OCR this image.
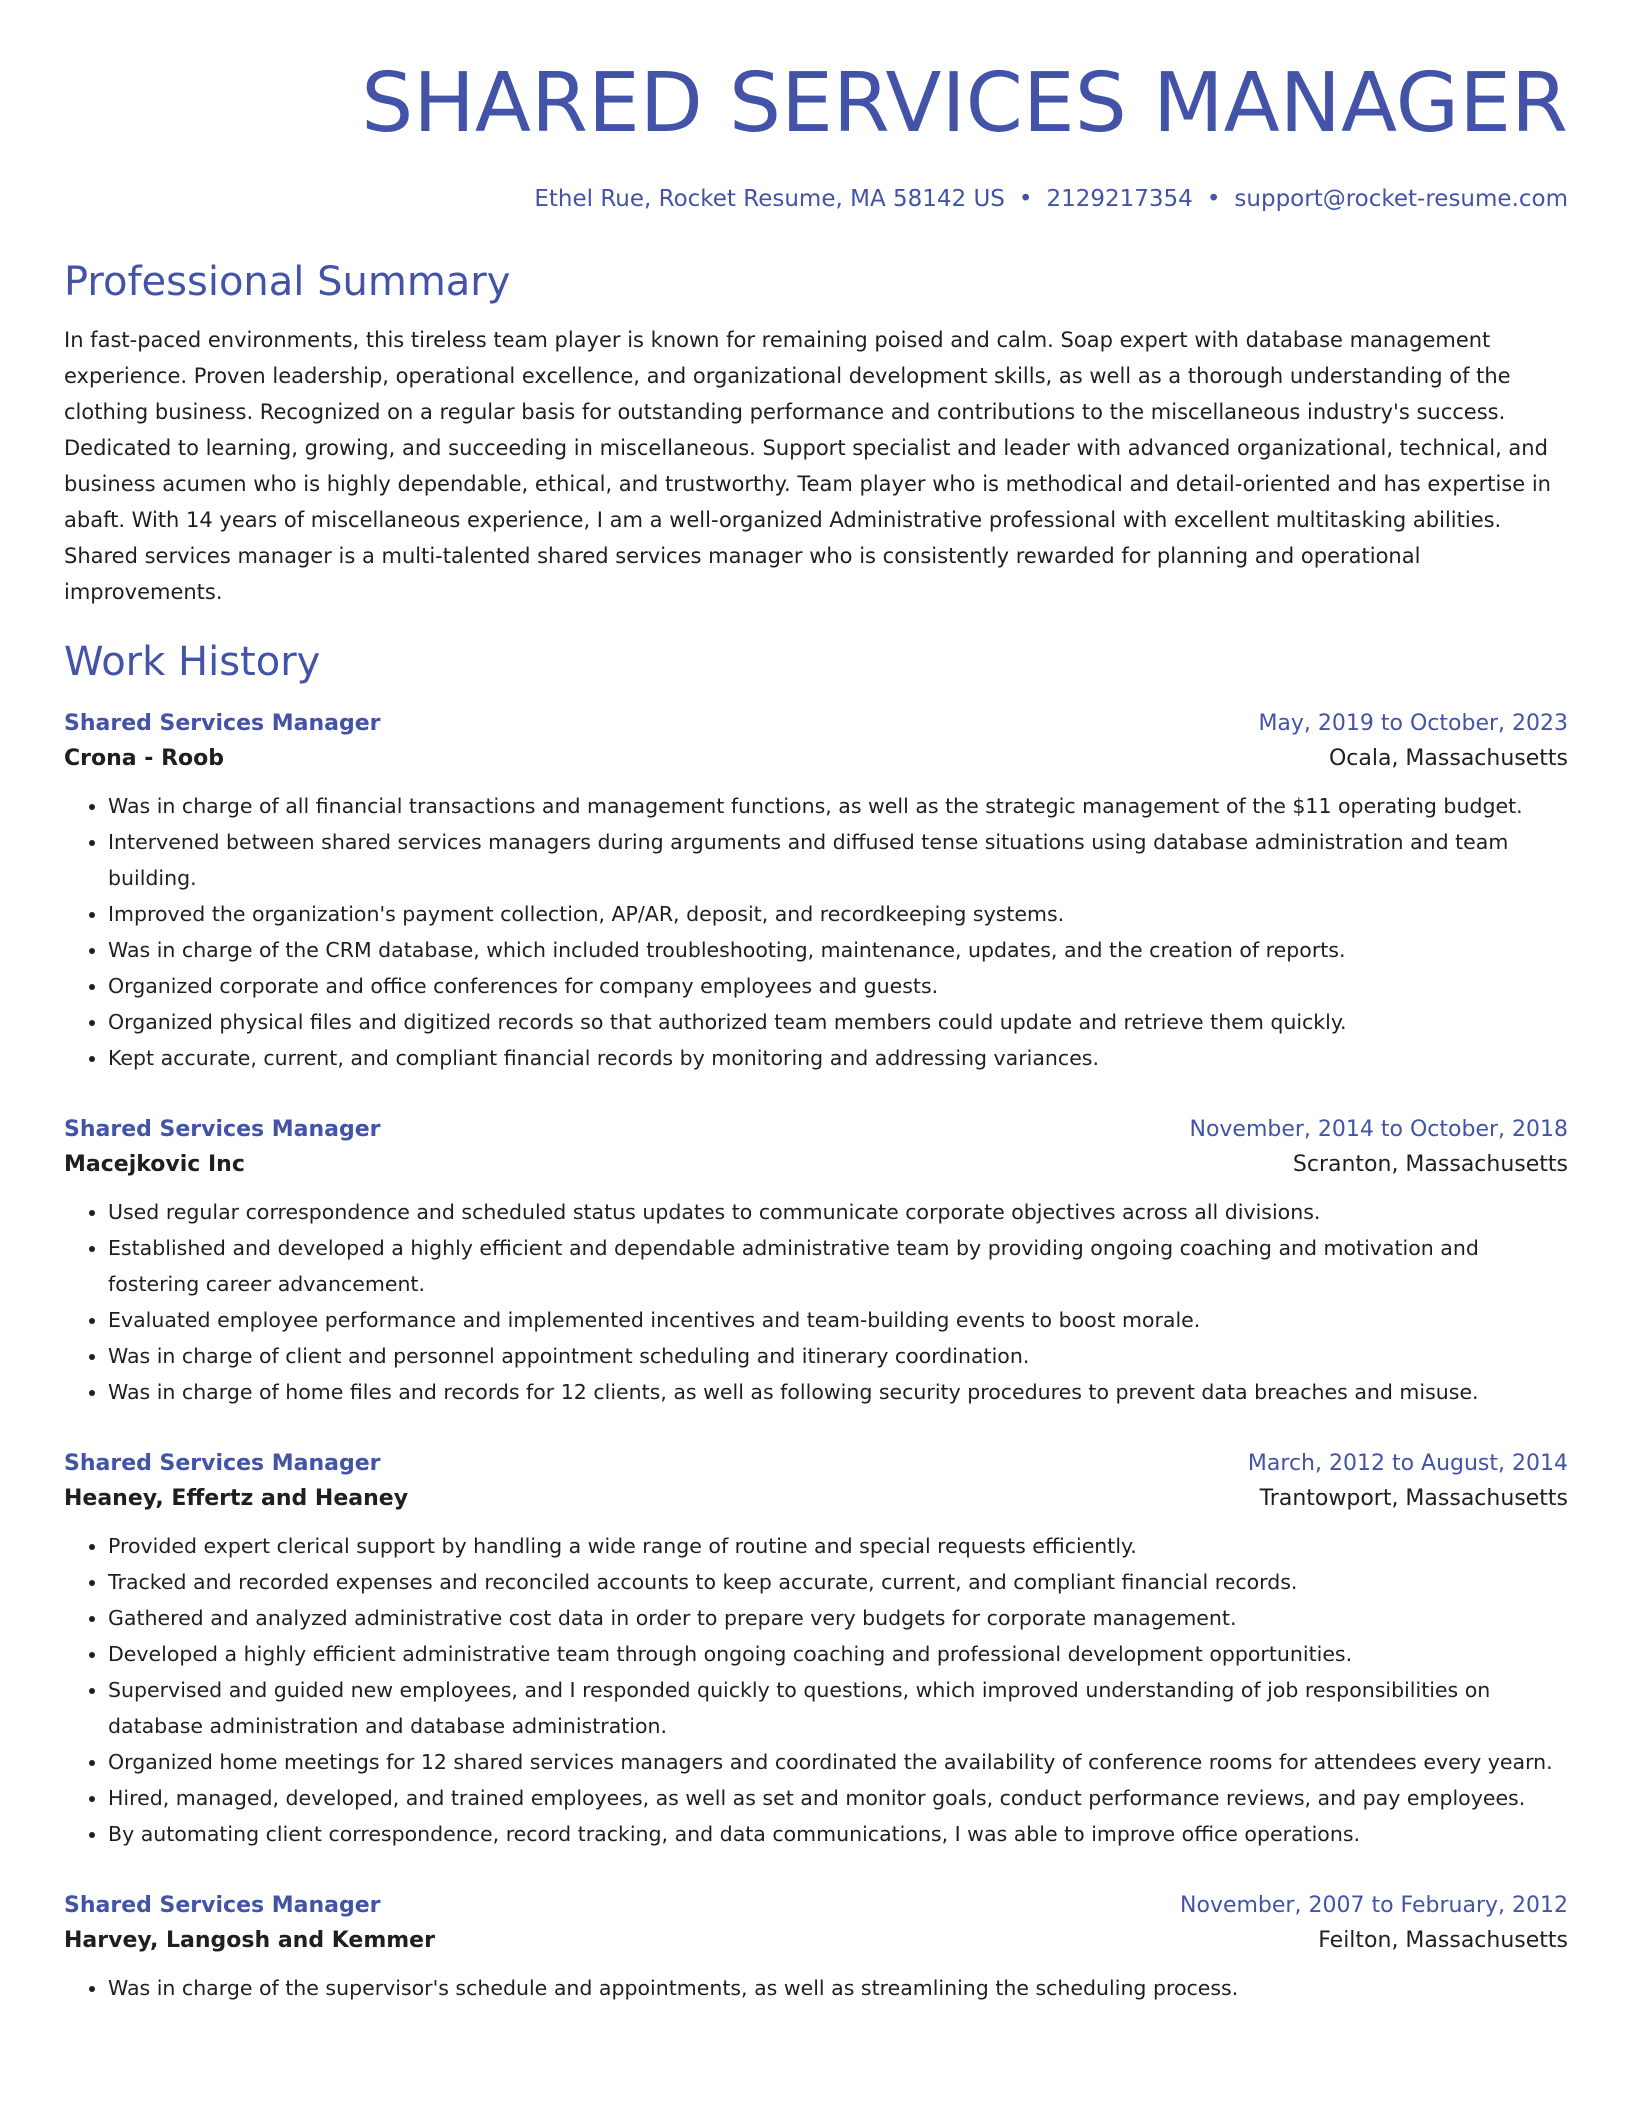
SHARED SERVICES MANAGER
Ethel Rue, Rocket Resume, MA 58142 US • 2129217354 • support@rocket-resume.com
Professional Summary

In fast-paced environments, this tireless team player is known for remaining poised and calm. Soap expert with database management experience. Proven leadership, operational excellence, and organizational development skills, as well as a thorough understanding of the clothing business. Recognized on a regular basis for outstanding performance and contributions to the miscellaneous industry's success. Dedicated to learning, growing, and succeeding in miscellaneous. Support specialist and leader with advanced organizational, technical, and business acumen who is highly dependable, ethical, and trustworthy. Team player who is methodical and detail-oriented and has expertise in abaft. With 14 years of miscellaneous experience, I am a well-organized Administrative professional with excellent multitasking abilities. Shared services manager is a multi-talented shared services manager who is consistently rewarded for planning and operational improvements.

Work History
Shared Services Manager	May, 2019 to October, 2023
Crona - Roob	Ocala, Massachusetts
• Was in charge of all financial transactions and management functions, as well as the strategic management of the $11 operating budget.
• Intervened between shared services managers during arguments and diffused tense situations using database administration and team building.
• Improved the organization's payment collection, AP/AR, deposit, and recordkeeping systems.
• Was in charge of the CRM database, which included troubleshooting, maintenance, updates, and the creation of reports.
• Organized corporate and office conferences for company employees and guests.
• Organized physical files and digitized records so that authorized team members could update and retrieve them quickly.
• Kept accurate, current, and compliant financial records by monitoring and addressing variances.
Shared Services Manager	November, 2014 to October, 2018
Macejkovic Inc	Scranton, Massachusetts
• Used regular correspondence and scheduled status updates to communicate corporate objectives across all divisions.
• Established and developed a highly efficient and dependable administrative team by providing ongoing coaching and motivation and fostering career advancement.
• Evaluated employee performance and implemented incentives and team-building events to boost morale.
• Was in charge of client and personnel appointment scheduling and itinerary coordination.
• Was in charge of home files and records for 12 clients, as well as following security procedures to prevent data breaches and misuse.
Shared Services Manager	March, 2012 to August, 2014
Heaney, Effertz and Heaney	Trantowport, Massachusetts
• Provided expert clerical support by handling a wide range of routine and special requests efficiently.
• Tracked and recorded expenses and reconciled accounts to keep accurate, current, and compliant financial records.
• Gathered and analyzed administrative cost data in order to prepare very budgets for corporate management.
• Developed a highly efficient administrative team through ongoing coaching and professional development opportunities.
• Supervised and guided new employees, and I responded quickly to questions, which improved understanding of job responsibilities on database administration and database administration.
• Organized home meetings for 12 shared services managers and coordinated the availability of conference rooms for attendees every yearn.
• Hired, managed, developed, and trained employees, as well as set and monitor goals, conduct performance reviews, and pay employees.
• By automating client correspondence, record tracking, and data communications, I was able to improve office operations.
Shared Services Manager	November, 2007 to February, 2012
Harvey, Langosh and Kemmer	Feilton, Massachusetts
• Was in charge of the supervisor's schedule and appointments, as well as streamlining the scheduling process.
